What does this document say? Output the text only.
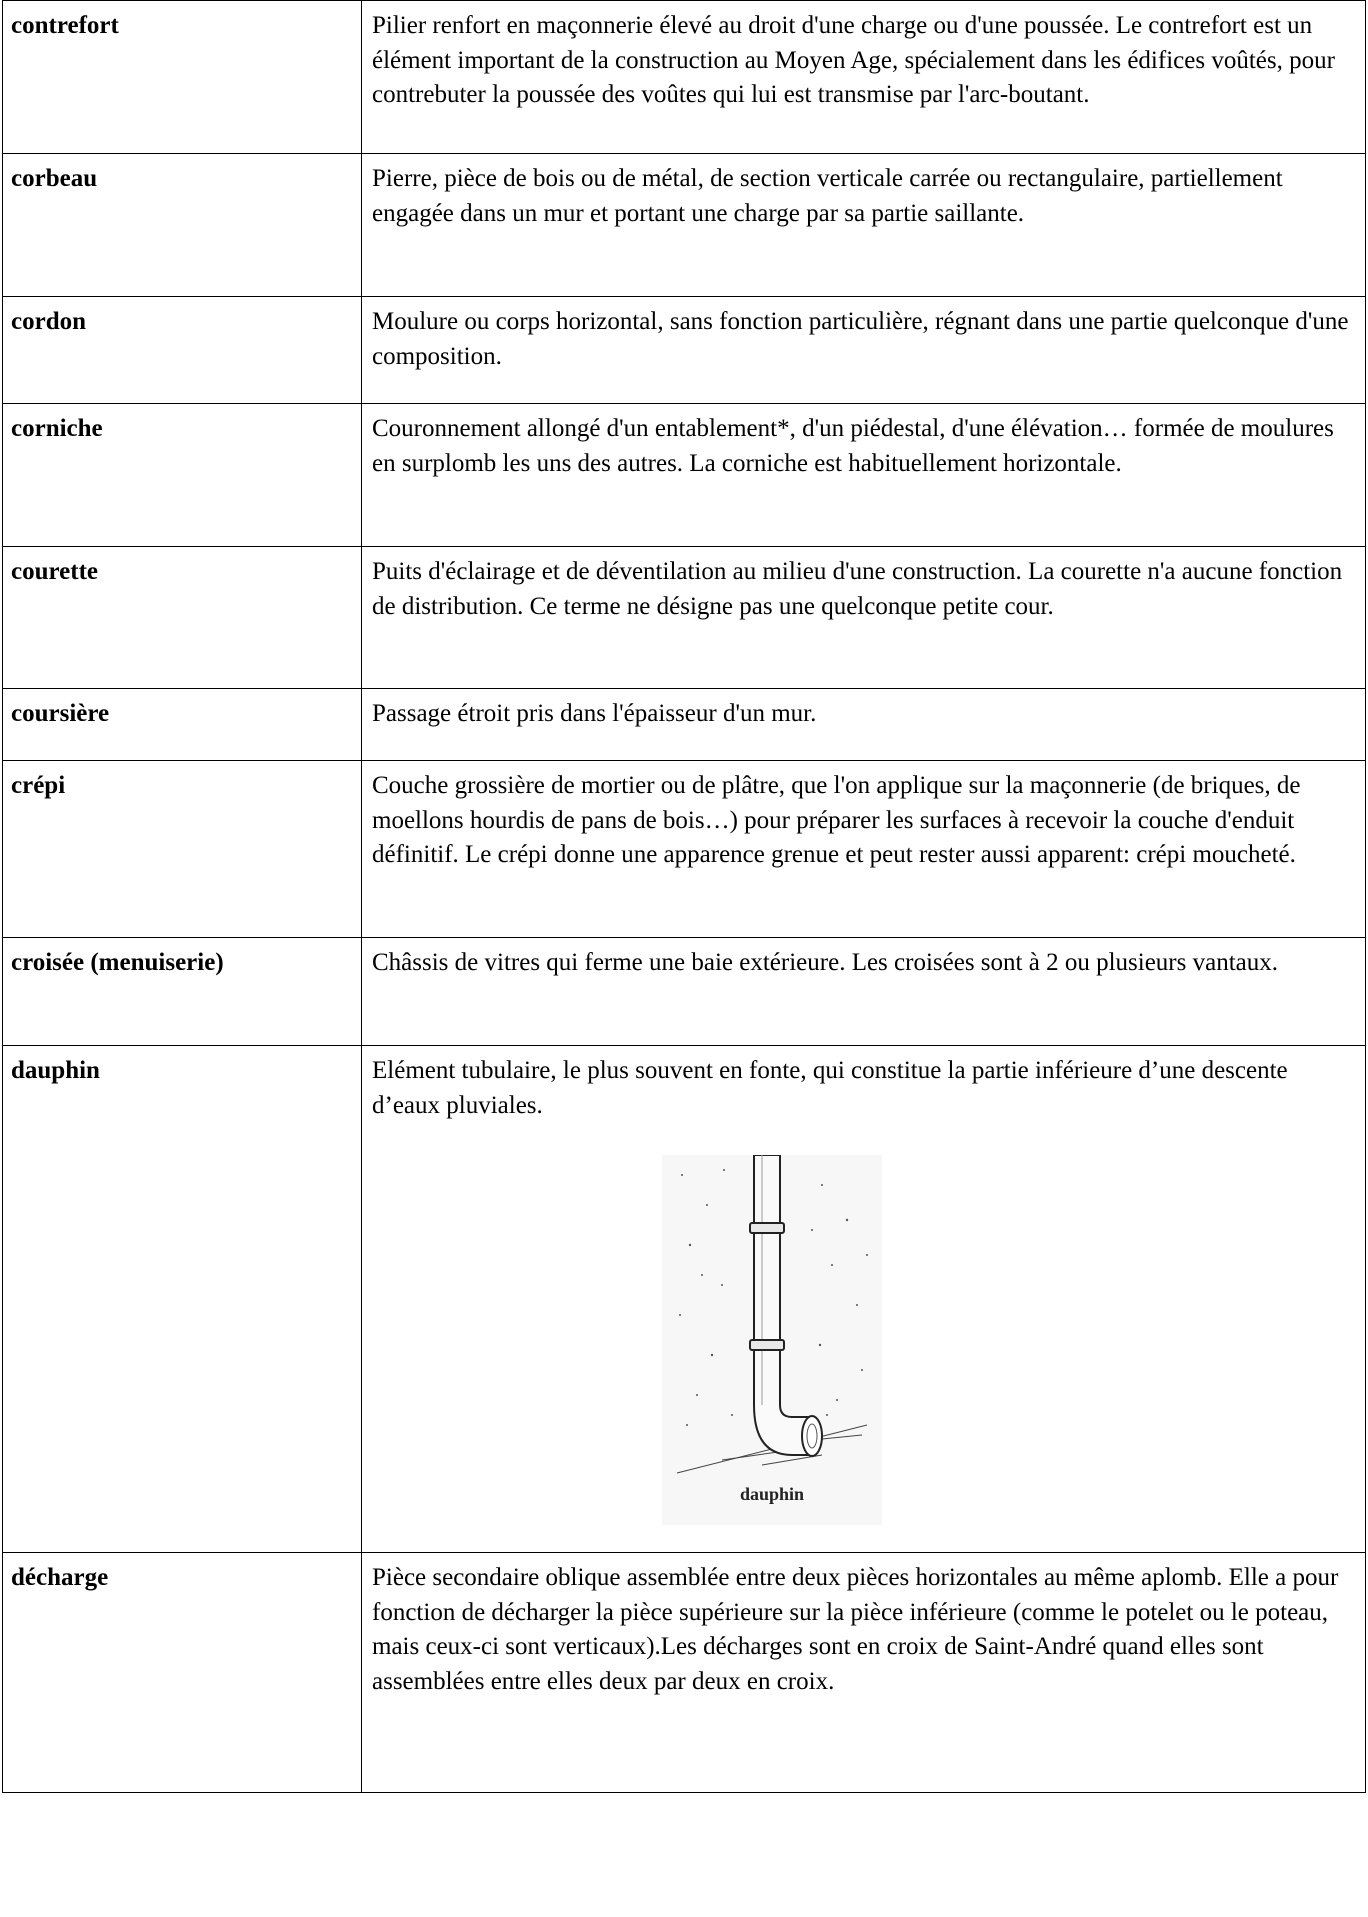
contrefort	Pilier renfort en maçonnerie élevé au droit d'une charge ou d'une poussée. Le contrefort est un élément important de la construction au Moyen Age, spécialement dans les édifices voûtés, pour contrebuter la poussée des voûtes qui lui est transmise par l'arc-boutant.
corbeau	Pierre, pièce de bois ou de métal, de section verticale carrée ou rectangulaire, partiellement engagée dans un mur et portant une charge par sa partie saillante.
cordon	Moulure ou corps horizontal, sans fonction particulière, régnant dans une partie quelconque d'une composition.
corniche	Couronnement allongé d'un entablement*, d'un piédestal, d'une élévation… formée de moulures en surplomb les uns des autres. La corniche est habituellement horizontale.
courette	Puits d'éclairage et de déventilation au milieu d'une construction. La courette n'a aucune fonction de distribution. Ce terme ne désigne pas une quelconque petite cour.
coursière	Passage étroit pris dans l'épaisseur d'un mur.
crépi	Couche grossière de mortier ou de plâtre, que l'on applique sur la maçonnerie (de briques, de moellons hourdis de pans de bois…) pour préparer les surfaces à recevoir la couche d'enduit définitif. Le crépi donne une apparence grenue et peut rester aussi apparent: crépi moucheté.
croisée (menuiserie)	Châssis de vitres qui ferme une baie extérieure. Les croisées sont à 2 ou plusieurs vantaux.
dauphin	Elément tubulaire, le plus souvent en fonte, qui constitue la partie inférieure d’une descente d’eaux pluviales.
dauphin

décharge	Pièce secondaire oblique assemblée entre deux pièces horizontales au même aplomb. Elle a pour fonction de décharger la pièce supérieure sur la pièce inférieure (comme le potelet ou le poteau, mais ceux-ci sont verticaux).Les décharges sont en croix de Saint-André quand elles sont assemblées entre elles deux par deux en croix.
